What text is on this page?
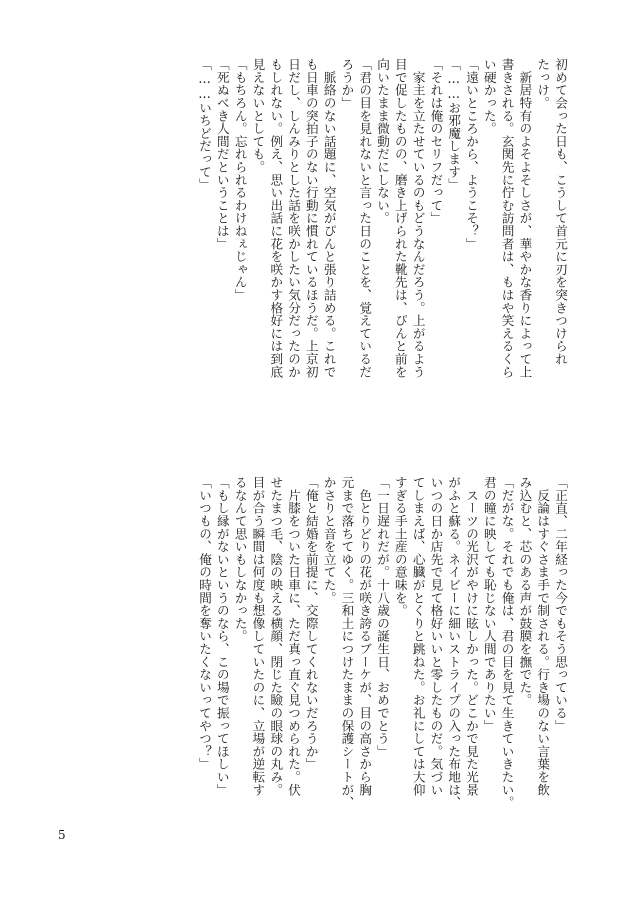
初めて会った日も、こうして首元に刃を突きつけられ
たっけ。
　新居特有のよそよそしさが、華やかな香りによって上
書きされる。玄関先に佇む訪問者は、もはや笑えるくら
い硬かった。
「遠いところから、ようこそ？」
「……お邪魔します」
「それは俺のセリフだって」
　家主を立たせているのもどうなんだろう。上がるよう
目で促したものの、磨き上げられた靴先は、ぴんと前を
向いたまま微動だにしない。
「君の目を見れないと言った日のことを、覚えているだ
ろうか」
　脈絡のない話題に、空気がぴんと張り詰める。これで
も日車の突拍子のない行動に慣れているほうだ。上京初
日だし、しんみりとした話を咲かしたい気分だったのか
もしれない。例え、思い出話に花を咲かす格好には到底
見えないとしても。
「もちろん。忘れられるわけねぇじゃん」
「死ぬべき人間だということは」
「……いちどだって」
「正直、二年経った今でもそう思っている」
　反論はすぐさま手で制される。行き場のない言葉を飲
み込むと、芯のある声が鼓膜を撫でた。
「だがな。それでも俺は、君の目を見て生きていきたい。
君の瞳に映しても恥じない人間でありたい」
　スーツの光沢がやけに眩しかった。どこかで見た光景
がふと蘇る。ネイビーに細いストライプの入った布地は、
いつの日か店先で見て格好いいと零したものだ。気づい
てしまえば、心臓がとくりと跳ねた。お礼にしては大仰
すぎる手土産の意味を。
「一日遅れだが。十八歳の誕生日、おめでとう」
　色とりどりの花が咲き誇るブーケが、目の高さから胸
元まで落ちてゆく。三和土につけたままの保護シートが、
かさりと音を立てた。
「俺と結婚を前提に、交際してくれないだろうか」
　片膝をついた日車に、ただ真っ直ぐ見つめられた。伏
せたまつ毛、陰の映える横顔、閉じた瞼の眼球の丸み。
目が合う瞬間は何度も想像していたのに、立場が逆転す
るなんて思いもしなかった。
「もし縁がないというのなら、この場で振ってほしい」
「いつもの、俺の時間を奪いたくないってやつ？」
5
